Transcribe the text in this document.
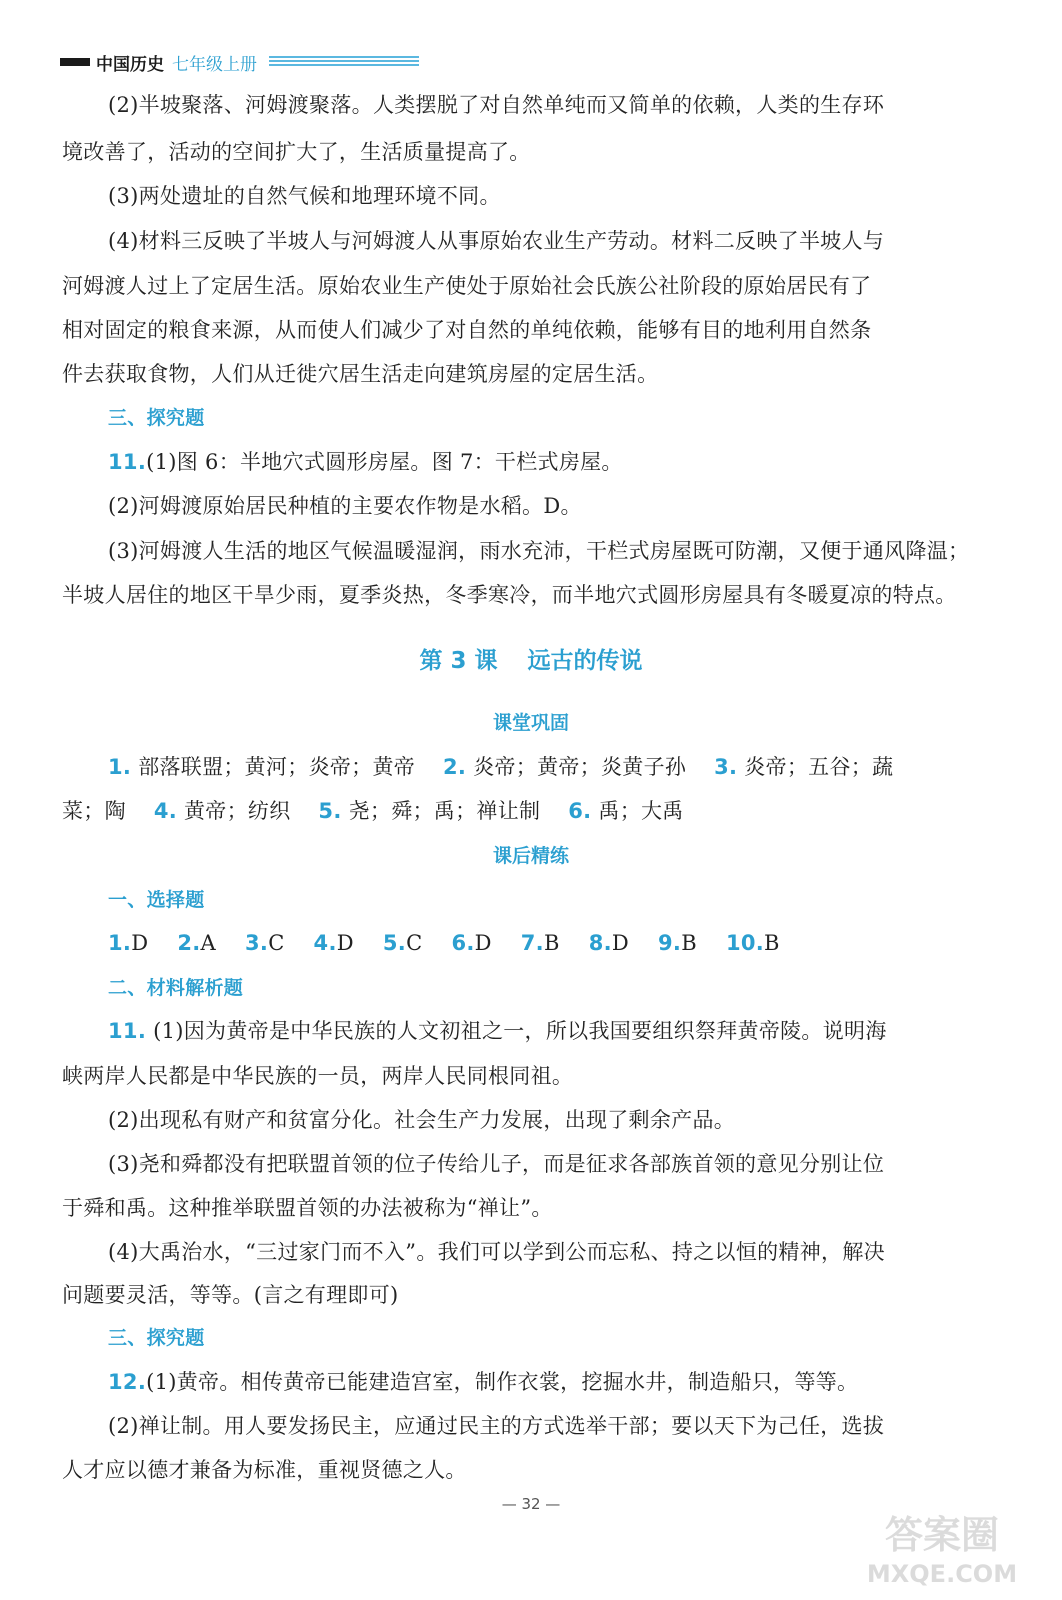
中国历史 七年级上册
(2)半坡聚落、河姆渡聚落。人类摆脱了对自然单纯而又简单的依赖，人类的生存环
境改善了，活动的空间扩大了，生活质量提高了。
(3)两处遗址的自然气候和地理环境不同。
(4)材料三反映了半坡人与河姆渡人从事原始农业生产劳动。材料二反映了半坡人与
河姆渡人过上了定居生活。原始农业生产使处于原始社会氏族公社阶段的原始居民有了
相对固定的粮食来源，从而使人们减少了对自然的单纯依赖，能够有目的地利用自然条
件去获取食物，人们从迁徙穴居生活走向建筑房屋的定居生活。
三、探究题
11.(1)图 6：半地穴式圆形房屋。图 7：干栏式房屋。
(2)河姆渡原始居民种植的主要农作物是水稻。D。
(3)河姆渡人生活的地区气候温暖湿润，雨水充沛，干栏式房屋既可防潮，又便于通风降温；
半坡人居住的地区干旱少雨，夏季炎热，冬季寒冷，而半地穴式圆形房屋具有冬暖夏凉的特点。
第 3 课 远古的传说
课堂巩固
1. 部落联盟；黄河；炎帝；黄帝 2. 炎帝；黄帝；炎黄子孙 3. 炎帝；五谷；蔬
菜；陶 4. 黄帝；纺织 5. 尧；舜；禹；禅让制 6. 禹；大禹
课后精练
一、选择题
1.D 2.A 3.C 4.D 5.C 6.D 7.B 8.D 9.B 10.B
二、材料解析题
11. (1)因为黄帝是中华民族的人文初祖之一，所以我国要组织祭拜黄帝陵。说明海
峡两岸人民都是中华民族的一员，两岸人民同根同祖。
(2)出现私有财产和贫富分化。社会生产力发展，出现了剩余产品。
(3)尧和舜都没有把联盟首领的位子传给儿子，而是征求各部族首领的意见分别让位
于舜和禹。这种推举联盟首领的办法被称为“禅让”。
(4)大禹治水，“三过家门而不入”。我们可以学到公而忘私、持之以恒的精神，解决
问题要灵活，等等。(言之有理即可)
三、探究题
12.(1)黄帝。相传黄帝已能建造宫室，制作衣裳，挖掘水井，制造船只，等等。
(2)禅让制。用人要发扬民主，应通过民主的方式选举干部；要以天下为己任，选拔
人才应以德才兼备为标准，重视贤德之人。
— 32 —
答案圈
MXQE.COM
